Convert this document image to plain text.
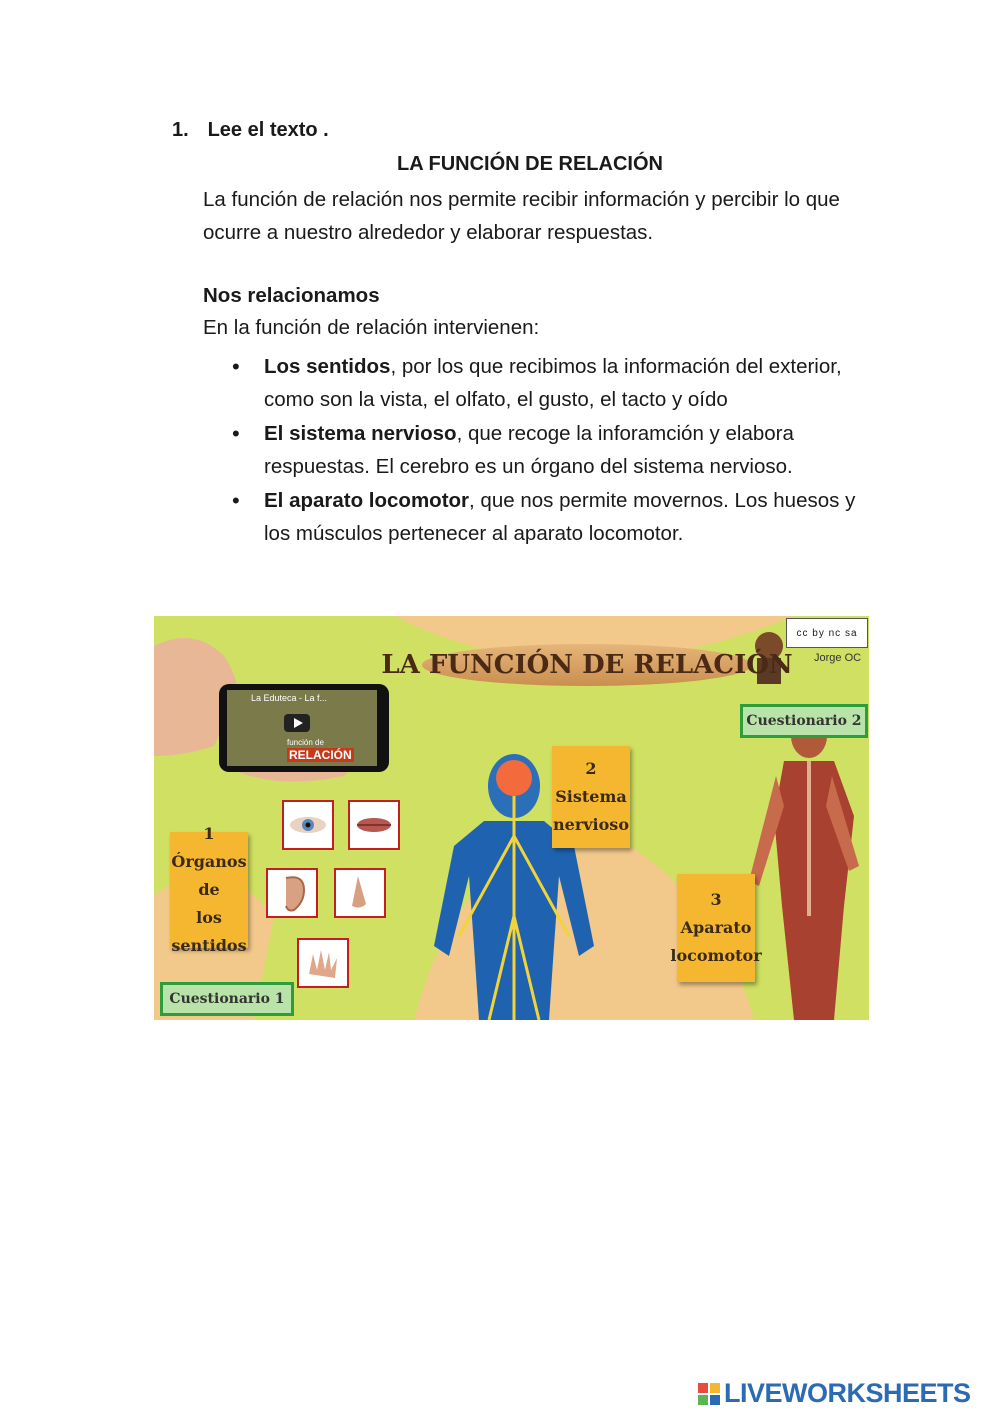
1. Lee el texto .
LA FUNCIÓN DE RELACIÓN
La función de relación nos permite recibir información y percibir lo que ocurre a nuestro alrededor y elaborar respuestas.
Nos relacionamos
En la función de relación intervienen:
• Los sentidos, por los que recibimos la información del exterior, como son la vista, el olfato, el gusto, el tacto y oído
• El sistema nervioso, que recoge la inforamción y elabora respuestas. El cerebro es un órgano del sistema nervioso.
• El aparato locomotor, que nos permite movernos. Los huesos y los músculos pertenecer al aparato locomotor.
LA FUNCIÓN DE RELACIÓN
cc by nc sa
Jorge OC
La Eduteca - La f...
función de
RELACIÓN
1
Órganos de
los sentidos
2
Sistema
nervioso
3
Aparato
locomotor
Cuestionario 1
Cuestionario 2
LIVEWORKSHEETS
